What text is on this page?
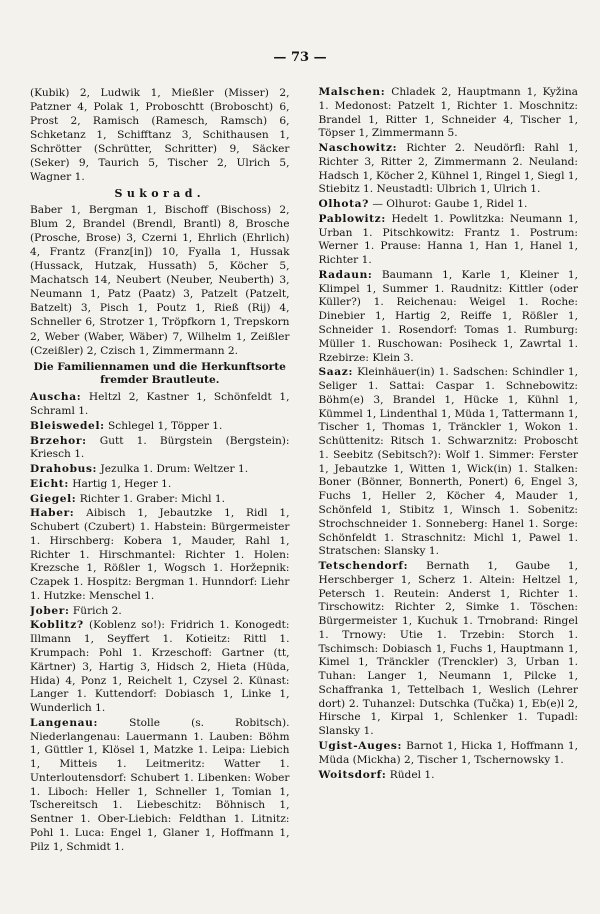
— 73 —

(Kubik) 2, Ludwik 1, Mießler (Misser) 2, Patzner 4, Polak 1, Proboschtt (Broboscht) 6, Prost 2, Ramisch (Ramesch, Ramsch) 6, Schketanz 1, Schifftanz 3, Schithausen 1, Schrötter (Schrütter, Schritter) 9, Säcker (Seker) 9, Taurich 5, Tischer 2, Ulrich 5, Wagner 1.

Sukorad.

Baber 1, Bergman 1, Bischoff (Bischoss) 2, Blum 2, Brandel (Brendl, Brantl) 8, Brosche (Prosche, Brose) 3, Czerni 1, Ehrlich (Ehrlich) 4, Frantz (Franz[in]) 10, Fyalla 1, Hussak (Hussack, Hutzak, Hussath) 5, Köcher 5, Machatsch 14, Neubert (Neuber, Neuberth) 3, Neumann 1, Patz (Paatz) 3, Patzelt (Patzelt, Batzelt) 3, Pisch 1, Poutz 1, Rieß (Rij) 4, Schneller 6, Strotzer 1, Tröpfkorn 1, Trepskorn 2, Weber (Waber, Wäber) 7, Wilhelm 1, Zeißler (Czeißler) 2, Czisch 1, Zimmermann 2.

Die Familiennamen und die Herkunftsorte fremder Brautleute.
Auscha: Heltzl 2, Kastner 1, Schönfeldt 1, Schraml 1.
Bleiswedel: Schlegel 1, Töpper 1.
Brzehor: Gutt 1. Bürgstein (Bergstein): Kriesch 1.
Drahobus: Jezulka 1. Drum: Weltzer 1.
Eicht: Hartig 1, Heger 1.
Giegel: Richter 1. Graber: Michl 1.
Haber: Aibisch 1, Jebautzke 1, Ridl 1, Schubert (Czubert) 1. Habstein: Bürgermeister 1. Hirschberg: Kobera 1, Mauder, Rahl 1, Richter 1. Hirschmantel: Richter 1. Holen: Krezsche 1, Rößler 1, Wogsch 1. Horžepnik: Czapek 1. Hospitz: Bergman 1. Hunndorf: Liehr 1. Hutzke: Menschel 1.
Jober: Fürich 2.
Koblitz? (Koblenz so!): Fridrich 1. Konogedt: Illmann 1, Seyffert 1. Kotieitz: Rittl 1. Krumpach: Pohl 1. Krzeschoff: Gartner (tt, Kärtner) 3, Hartig 3, Hidsch 2, Hieta (Hüda, Hida) 4, Ponz 1, Reichelt 1, Czysel 2. Künast: Langer 1. Kuttendorf: Dobiasch 1, Linke 1, Wunderlich 1.
Langenau:	Stolle (s. Robitsch). Niederlangenau: Lauermann 1. Lauben: Böhm 1, Güttler 1, Klösel 1, Matzke 1. Leipa: Liebich 1, Mitteis 1. Leitmeritz: Watter 1. Unterloutensdorf: Schubert 1. Libenken: Wober 1. Liboch: Heller 1, Schneller 1, Tomian 1, Tschereitsch 1. Liebeschitz: Böhnisch 1, Sentner 1. Ober-Liebich: Feldthan 1. Litnitz: Pohl 1. Luca: Engel 1, Glaner 1, Hoffmann 1, Pilz 1, Schmidt 1.
Malschen: Chladek 2, Hauptmann 1, Kyžina 1. Medonost: Patzelt 1, Richter 1. Moschnitz: Brandel 1, Ritter 1, Schneider 4, Tischer 1, Töpser 1, Zimmermann 5.
Naschowitz: Richter 2. Neudörfl: Rahl 1, Richter 3, Ritter 2, Zimmermann 2. Neuland: Hadsch 1, Köcher 2, Kühnel 1, Ringel 1, Siegl 1, Stiebitz 1. Neustadtl: Ulbrich 1, Ulrich 1.
Olhota? — Olhurot: Gaube 1, Ridel 1.
Pablowitz: Hedelt 1. Powlitzka: Neumann 1, Urban 1. Pitschkowitz: Frantz 1. Postrum: Werner 1. Prause: Hanna 1, Han 1, Hanel 1, Richter 1.
Radaun: Baumann 1, Karle 1, Kleiner 1, Klimpel 1, Summer 1. Raudnitz: Kittler (oder Küller?) 1. Reichenau: Weigel 1. Roche: Dinebier 1, Hartig 2, Reiffe 1, Rößler 1, Schneider 1. Rosendorf: Tomas 1. Rumburg: Müller 1. Ruschowan: Posiheck 1, Zawrtal 1. Rzebirze: Klein 3.
Saaz: Kleinhäuer(in) 1. Sadschen: Schindler 1, Seliger 1. Sattai: Caspar 1. Schnebowitz: Böhm(e) 3, Brandel 1, Hücke 1, Kühnl 1, Kümmel 1, Lindenthal 1, Müda 1, Tattermann 1, Tischer 1, Thomas 1, Tränckler 1, Wokon 1. Schüttenitz: Ritsch 1. Schwarznitz: Proboscht 1. Seebitz (Sebitsch?): Wolf 1. Simmer: Ferster 1, Jebautzke 1, Witten 1, Wick(in) 1. Stalken: Boner (Bönner, Bonnerth, Ponert) 6, Engel 3, Fuchs 1, Heller 2, Köcher 4, Mauder 1, Schönfeld 1, Stibitz 1, Winsch 1. Sobenitz: Strochschneider 1. Sonneberg: Hanel 1. Sorge: Schönfeldt 1. Straschnitz: Michl 1, Pawel 1. Stratschen: Slansky 1.
Tetschendorf: Bernath 1, Gaube 1, Herschberger 1, Scherz 1. Altein: Heltzel 1, Petersch 1. Reutein: Anderst 1, Richter 1. Tirschowitz: Richter 2, Simke 1. Töschen: Bürgermeister 1, Kuchuk 1. Trnobrand: Ringel 1. Trnowy: Utie 1. Trzebin: Storch 1. Tschimsch: Dobiasch 1, Fuchs 1, Hauptmann 1, Kimel 1, Tränckler (Trenckler) 3, Urban 1. Tuhan: Langer 1, Neumann 1, Pilcke 1, Schaffranka 1, Tettelbach 1, Weslich (Lehrer dort) 2. Tuhanzel: Dutschka (Tučka) 1, Eb(e)l 2, Hirsche 1, Kirpal 1, Schlenker 1. Tupadl: Slansky 1.
Ugist-Auges: Barnot 1, Hicka 1, Hoffmann 1, Müda (Mickha) 2, Tischer 1, Tschernowsky 1.
Woitsdorf: Rüdel 1.
